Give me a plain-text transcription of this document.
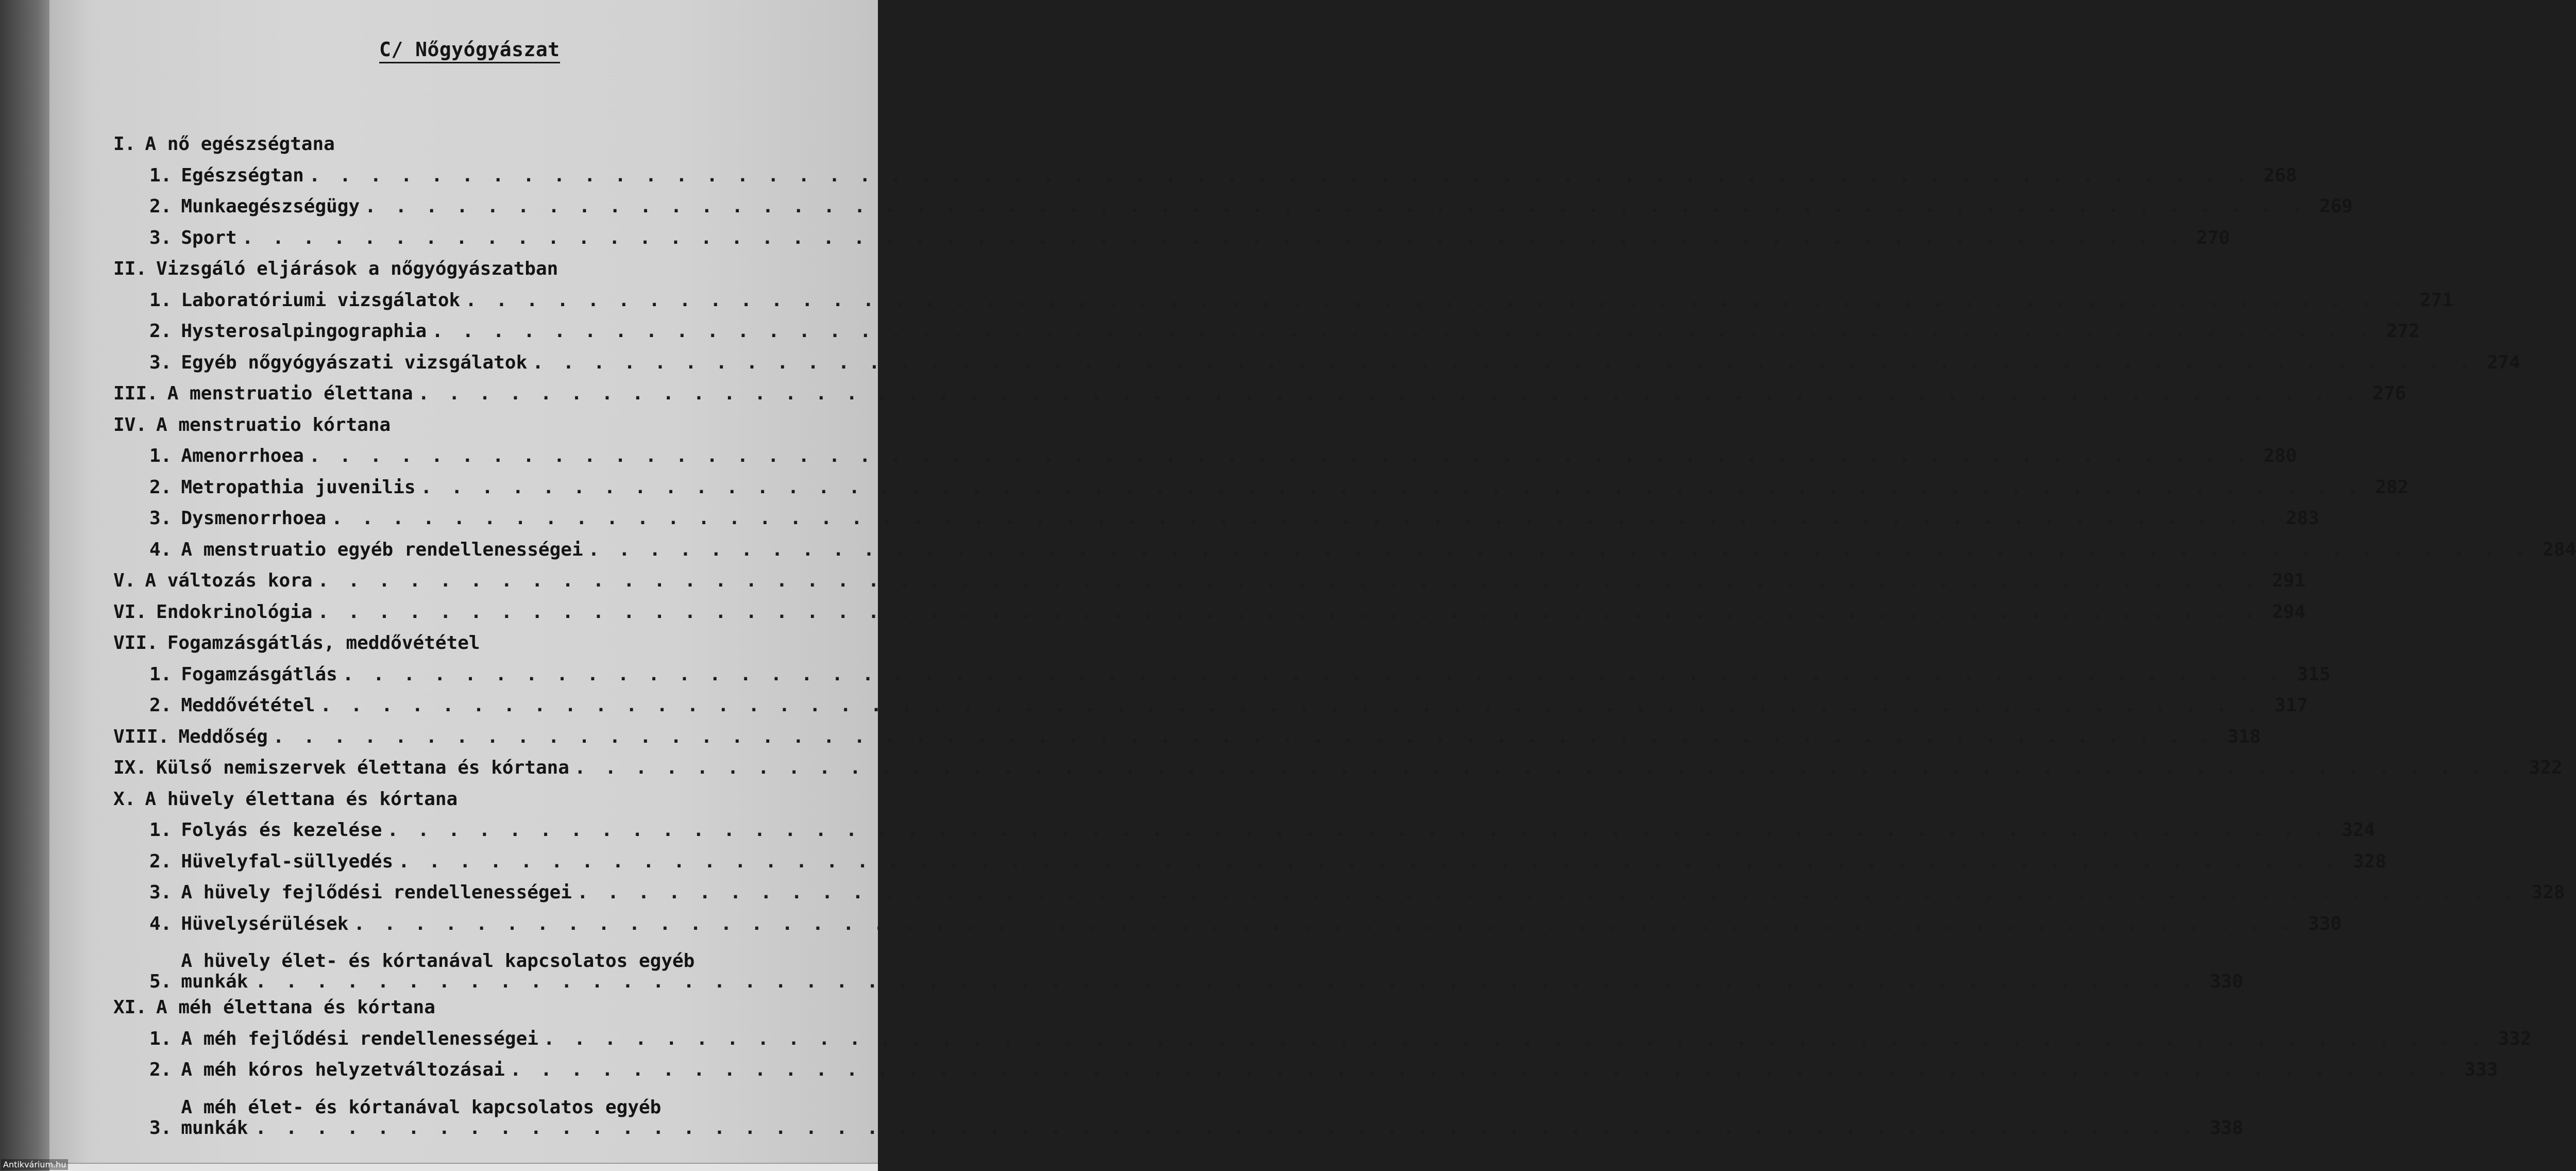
C/ Nőgyógyászat
I. A nő egészségtana
1. Egészségtan . . .	268
2. Munkaegészségügy . . .	269
3. Sport . . .	270
II. Vizsgáló eljárások a nőgyógyászatban
1. Laboratóriumi vizsgálatok . . .	271
2. Hysterosalpingographia . . .	272
3. Egyéb nőgyógyászati vizsgálatok . . .	274
III. A menstruatio élettana . . .	276
IV. A menstruatio kórtana
1. Amenorrhoea . . .	280
2. Metropathia juvenilis . . .	282
3. Dysmenorrhoea . . .	283
4. A menstruatio egyéb rendellenességei . . .	284
V. A változás kora . . .	291
VI. Endokrinológia . . .	294
VII. Fogamzásgátlás, meddővététel
1. Fogamzásgátlás . . .	315
2. Meddővététel . . .	317
VIII. Meddőség . . .	318
IX. Külső nemiszervek élettana és kórtana . . .	322
X. A hüvely élettana és kórtana
1. Folyás és kezelése . . .	324
2. Hüvelyfal-süllyedés . . .	328
3. A hüvely fejlődési rendellenességei . . .	328
4. Hüvelysérülések . . .	330
5.
A hüvely élet- és kórtanával kapcsolatos egyéb
munkák . . .	330
XI. A méh élettana és kórtana
1. A méh fejlődési rendellenességei . . .	332
2. A méh kóros helyzetváltozásai . . .	333
3.
A méh élet- és kórtanával kapcsolatos egyéb
munkák . . .	338
Antikvárium.hu
